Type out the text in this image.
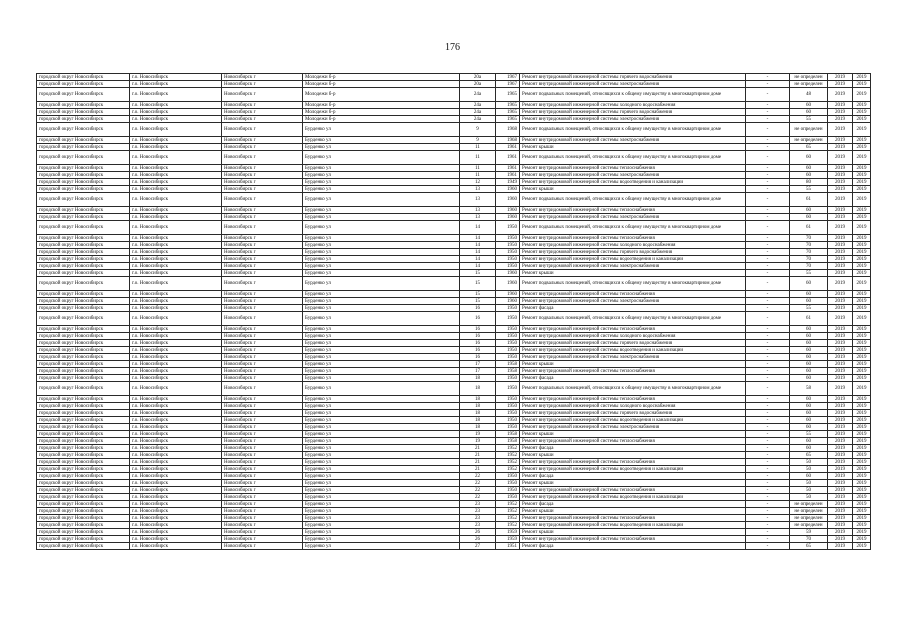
176
городской округ Новосибирск	г.о. Новосибирск	Новосибирск г	Молодежи б-р	20а	1967	Ремонт внутридомовой инженерной системы горячего водоснабжения	-	не определен	2019	2019
городской округ Новосибирск	г.о. Новосибирск	Новосибирск г	Молодежи б-р	20а	1967	Ремонт внутридомовой инженерной системы электроснабжения	-	не определен	2019	2019
городской округ Новосибирск	г.о. Новосибирск	Новосибирск г	Молодежи б-р	24а	1965	Ремонт подвальных помещений, относящихся к общему имуществу в многоквартирном доме	-	48	2019	2019
городской округ Новосибирск	г.о. Новосибирск	Новосибирск г	Молодежи б-р	24а	1965	Ремонт внутридомовой инженерной системы холодного водоснабжения	-	60	2019	2019
городской округ Новосибирск	г.о. Новосибирск	Новосибирск г	Молодежи б-р	24а	1965	Ремонт внутридомовой инженерной системы горячего водоснабжения	-	60	2019	2019
городской округ Новосибирск	г.о. Новосибирск	Новосибирск г	Молодежи б-р	24а	1965	Ремонт внутридомовой инженерной системы электроснабжения	-	55	2019	2019
городской округ Новосибирск	г.о. Новосибирск	Новосибирск г	Бурденко ул	9	1968	Ремонт подвальных помещений, относящихся к общему имуществу в многоквартирном доме	-	не определен	2019	2019
городской округ Новосибирск	г.о. Новосибирск	Новосибирск г	Бурденко ул	9	1968	Ремонт внутридомовой инженерной системы электроснабжения	-	не определен	2019	2019
городской округ Новосибирск	г.о. Новосибирск	Новосибирск г	Бурденко ул	11	1961	Ремонт крыши	-	65	2019	2019
городской округ Новосибирск	г.о. Новосибирск	Новосибирск г	Бурденко ул	11	1961	Ремонт подвальных помещений, относящихся к общему имуществу в многоквартирном доме	-	60	2019	2019
городской округ Новосибирск	г.о. Новосибирск	Новосибирск г	Бурденко ул	11	1961	Ремонт внутридомовой инженерной системы теплоснабжения	-	60	2019	2019
городской округ Новосибирск	г.о. Новосибирск	Новосибирск г	Бурденко ул	11	1961	Ремонт внутридомовой инженерной системы электроснабжения	-	60	2019	2019
городской округ Новосибирск	г.о. Новосибирск	Новосибирск г	Бурденко ул	12	1949	Ремонт внутридомовой инженерной системы водоотведения и канализации	-	80	2019	2019
городской округ Новосибирск	г.о. Новосибирск	Новосибирск г	Бурденко ул	13	1960	Ремонт крыши	-	55	2019	2019
городской округ Новосибирск	г.о. Новосибирск	Новосибирск г	Бурденко ул	13	1960	Ремонт подвальных помещений, относящихся к общему имуществу в многоквартирном доме	-	61	2019	2019
городской округ Новосибирск	г.о. Новосибирск	Новосибирск г	Бурденко ул	13	1960	Ремонт внутридомовой инженерной системы теплоснабжения	-	60	2019	2019
городской округ Новосибирск	г.о. Новосибирск	Новосибирск г	Бурденко ул	13	1960	Ремонт внутридомовой инженерной системы электроснабжения	-	60	2019	2019
городской округ Новосибирск	г.о. Новосибирск	Новосибирск г	Бурденко ул	14	1950	Ремонт подвальных помещений, относящихся к общему имуществу в многоквартирном доме	-	61	2019	2019
городской округ Новосибирск	г.о. Новосибирск	Новосибирск г	Бурденко ул	14	1950	Ремонт внутридомовой инженерной системы теплоснабжения	-	70	2019	2019
городской округ Новосибирск	г.о. Новосибирск	Новосибирск г	Бурденко ул	14	1950	Ремонт внутридомовой инженерной системы холодного водоснабжения	-	70	2019	2019
городской округ Новосибирск	г.о. Новосибирск	Новосибирск г	Бурденко ул	14	1950	Ремонт внутридомовой инженерной системы горячего водоснабжения	-	70	2019	2019
городской округ Новосибирск	г.о. Новосибирск	Новосибирск г	Бурденко ул	14	1950	Ремонт внутридомовой инженерной системы водоотведения и канализации	-	70	2019	2019
городской округ Новосибирск	г.о. Новосибирск	Новосибирск г	Бурденко ул	14	1950	Ремонт внутридомовой инженерной системы электроснабжения	-	70	2019	2019
городской округ Новосибирск	г.о. Новосибирск	Новосибирск г	Бурденко ул	15	1960	Ремонт крыши	-	55	2019	2019
городской округ Новосибирск	г.о. Новосибирск	Новосибирск г	Бурденко ул	15	1960	Ремонт подвальных помещений, относящихся к общему имуществу в многоквартирном доме	-	60	2019	2019
городской округ Новосибирск	г.о. Новосибирск	Новосибирск г	Бурденко ул	15	1960	Ремонт внутридомовой инженерной системы теплоснабжения	-	60	2019	2019
городской округ Новосибирск	г.о. Новосибирск	Новосибирск г	Бурденко ул	15	1960	Ремонт внутридомовой инженерной системы электроснабжения	-	60	2019	2019
городской округ Новосибирск	г.о. Новосибирск	Новосибирск г	Бурденко ул	16	1950	Ремонт фасада	-	55	2019	2019
городской округ Новосибирск	г.о. Новосибирск	Новосибирск г	Бурденко ул	16	1950	Ремонт подвальных помещений, относящихся к общему имуществу в многоквартирном доме	-	61	2019	2019
городской округ Новосибирск	г.о. Новосибирск	Новосибирск г	Бурденко ул	16	1950	Ремонт внутридомовой инженерной системы теплоснабжения	-	60	2019	2019
городской округ Новосибирск	г.о. Новосибирск	Новосибирск г	Бурденко ул	16	1950	Ремонт внутридомовой инженерной системы холодного водоснабжения	-	60	2019	2019
городской округ Новосибирск	г.о. Новосибирск	Новосибирск г	Бурденко ул	16	1950	Ремонт внутридомовой инженерной системы горячего водоснабжения	-	60	2019	2019
городской округ Новосибирск	г.о. Новосибирск	Новосибирск г	Бурденко ул	16	1950	Ремонт внутридомовой инженерной системы водоотведения и канализации	-	60	2019	2019
городской округ Новосибирск	г.о. Новосибирск	Новосибирск г	Бурденко ул	16	1950	Ремонт внутридомовой инженерной системы электроснабжения	-	60	2019	2019
городской округ Новосибирск	г.о. Новосибирск	Новосибирск г	Бурденко ул	17	1958	Ремонт крыши	-	60	2019	2019
городской округ Новосибирск	г.о. Новосибирск	Новосибирск г	Бурденко ул	17	1958	Ремонт внутридомовой инженерной системы теплоснабжения	-	60	2019	2019
городской округ Новосибирск	г.о. Новосибирск	Новосибирск г	Бурденко ул	18	1950	Ремонт фасада	-	60	2019	2019
городской округ Новосибирск	г.о. Новосибирск	Новосибирск г	Бурденко ул	18	1950	Ремонт подвальных помещений, относящихся к общему имуществу в многоквартирном доме	-	58	2019	2019
городской округ Новосибирск	г.о. Новосибирск	Новосибирск г	Бурденко ул	18	1950	Ремонт внутридомовой инженерной системы теплоснабжения	-	60	2019	2019
городской округ Новосибирск	г.о. Новосибирск	Новосибирск г	Бурденко ул	18	1950	Ремонт внутридомовой инженерной системы холодного водоснабжения	-	60	2019	2019
городской округ Новосибирск	г.о. Новосибирск	Новосибирск г	Бурденко ул	18	1950	Ремонт внутридомовой инженерной системы горячего водоснабжения	-	60	2019	2019
городской округ Новосибирск	г.о. Новосибирск	Новосибирск г	Бурденко ул	18	1950	Ремонт внутридомовой инженерной системы водоотведения и канализации	-	60	2019	2019
городской округ Новосибирск	г.о. Новосибирск	Новосибирск г	Бурденко ул	18	1950	Ремонт внутридомовой инженерной системы электроснабжения	-	60	2019	2019
городской округ Новосибирск	г.о. Новосибирск	Новосибирск г	Бурденко ул	19	1958	Ремонт крыши	-	55	2019	2019
городской округ Новосибирск	г.о. Новосибирск	Новосибирск г	Бурденко ул	19	1958	Ремонт внутридомовой инженерной системы теплоснабжения	-	60	2019	2019
городской округ Новосибирск	г.о. Новосибирск	Новосибирск г	Бурденко ул	21	1952	Ремонт фасада	-	60	2019	2019
городской округ Новосибирск	г.о. Новосибирск	Новосибирск г	Бурденко ул	21	1952	Ремонт крыши	-	65	2019	2019
городской округ Новосибирск	г.о. Новосибирск	Новосибирск г	Бурденко ул	21	1952	Ремонт внутридомовой инженерной системы теплоснабжения	-	50	2019	2019
городской округ Новосибирск	г.о. Новосибирск	Новосибирск г	Бурденко ул	21	1952	Ремонт внутридомовой инженерной системы водоотведения и канализации	-	50	2019	2019
городской округ Новосибирск	г.о. Новосибирск	Новосибирск г	Бурденко ул	22	1950	Ремонт фасада	-	60	2019	2019
городской округ Новосибирск	г.о. Новосибирск	Новосибирск г	Бурденко ул	22	1950	Ремонт крыши	-	50	2019	2019
городской округ Новосибирск	г.о. Новосибирск	Новосибирск г	Бурденко ул	22	1950	Ремонт внутридомовой инженерной системы теплоснабжения	-	50	2019	2019
городской округ Новосибирск	г.о. Новосибирск	Новосибирск г	Бурденко ул	22	1950	Ремонт внутридомовой инженерной системы водоотведения и канализации	-	50	2019	2019
городской округ Новосибирск	г.о. Новосибирск	Новосибирск г	Бурденко ул	23	1952	Ремонт фасада	-	не определен	2019	2019
городской округ Новосибирск	г.о. Новосибирск	Новосибирск г	Бурденко ул	23	1952	Ремонт крыши	-	не определен	2019	2019
городской округ Новосибирск	г.о. Новосибирск	Новосибирск г	Бурденко ул	23	1952	Ремонт внутридомовой инженерной системы теплоснабжения	-	не определен	2019	2019
городской округ Новосибирск	г.о. Новосибирск	Новосибирск г	Бурденко ул	23	1952	Ремонт внутридомовой инженерной системы водоотведения и канализации	-	не определен	2019	2019
городской округ Новосибирск	г.о. Новосибирск	Новосибирск г	Бурденко ул	26	1959	Ремонт крыши	-	59	2019	2019
городской округ Новосибирск	г.о. Новосибирск	Новосибирск г	Бурденко ул	26	1959	Ремонт внутридомовой инженерной системы теплоснабжения	-	70	2019	2019
городской округ Новосибирск	г.о. Новосибирск	Новосибирск г	Бурденко ул	27	1951	Ремонт фасада	-	65	2019	2019
